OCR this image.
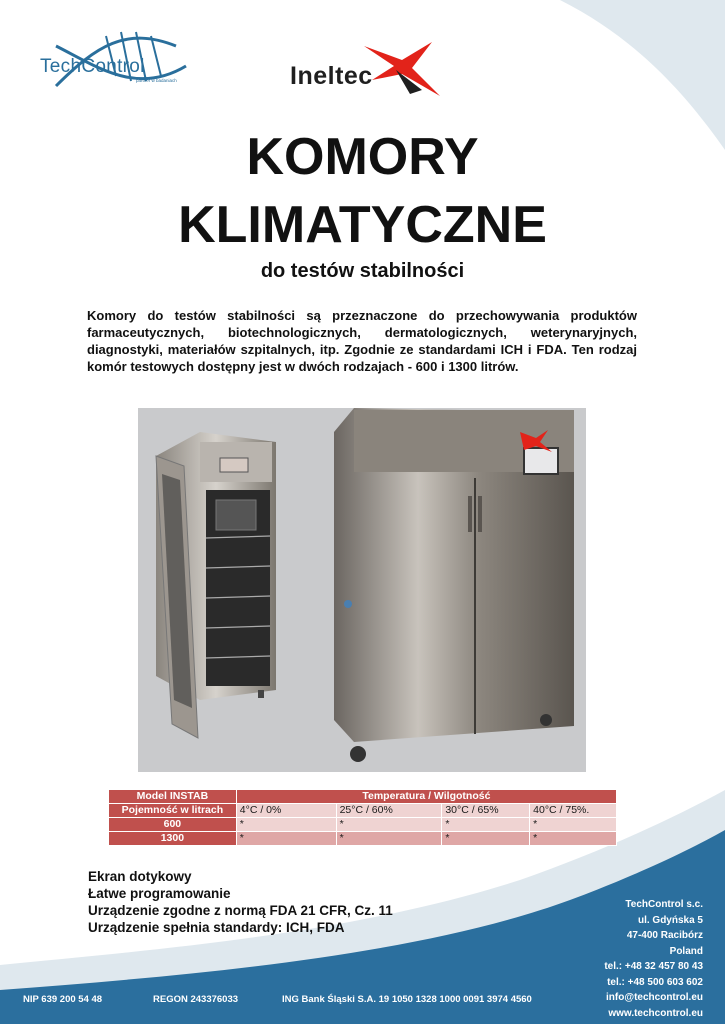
TechControl
partner w badaniach	Ineltec
KOMORY
KLIMATYCZNE
do testów stabilności
Komory do testów stabilności są przeznaczone do przechowywania produktów farmaceutycznych, biotechnologicznych, dermatologicznych, weterynaryjnych, diagnostyki, materiałów szpitalnych, itp. Zgodnie ze standardami ICH i FDA. Ten rodzaj komór testowych dostępny jest w dwóch rodzajach - 600 i 1300 litrów.
Model INSTAB	Temperatura / Wilgotność			
Pojemność w litrach	4°C / 0%	25°C / 60%	30°C / 65%	40°C / 75%.
600	*	*	*	*
1300	*	*	*	*
Ekran dotykowy
Łatwe programowanie
Urządzenie zgodne z normą FDA 21 CFR, Cz. 11
Urządzenie spełnia standardy: ICH, FDA
TechControl s.c.
ul. Gdyńska 5
47-400 Racibórz
Poland
tel.: +48 32 457 80 43
tel.: +48 500 603 602
info@techcontrol.eu
www.techcontrol.eu
NIP 639 200 54 48	REGON 243376033	ING Bank Śląski S.A. 19 1050 1328 1000 0091 3974 4560
